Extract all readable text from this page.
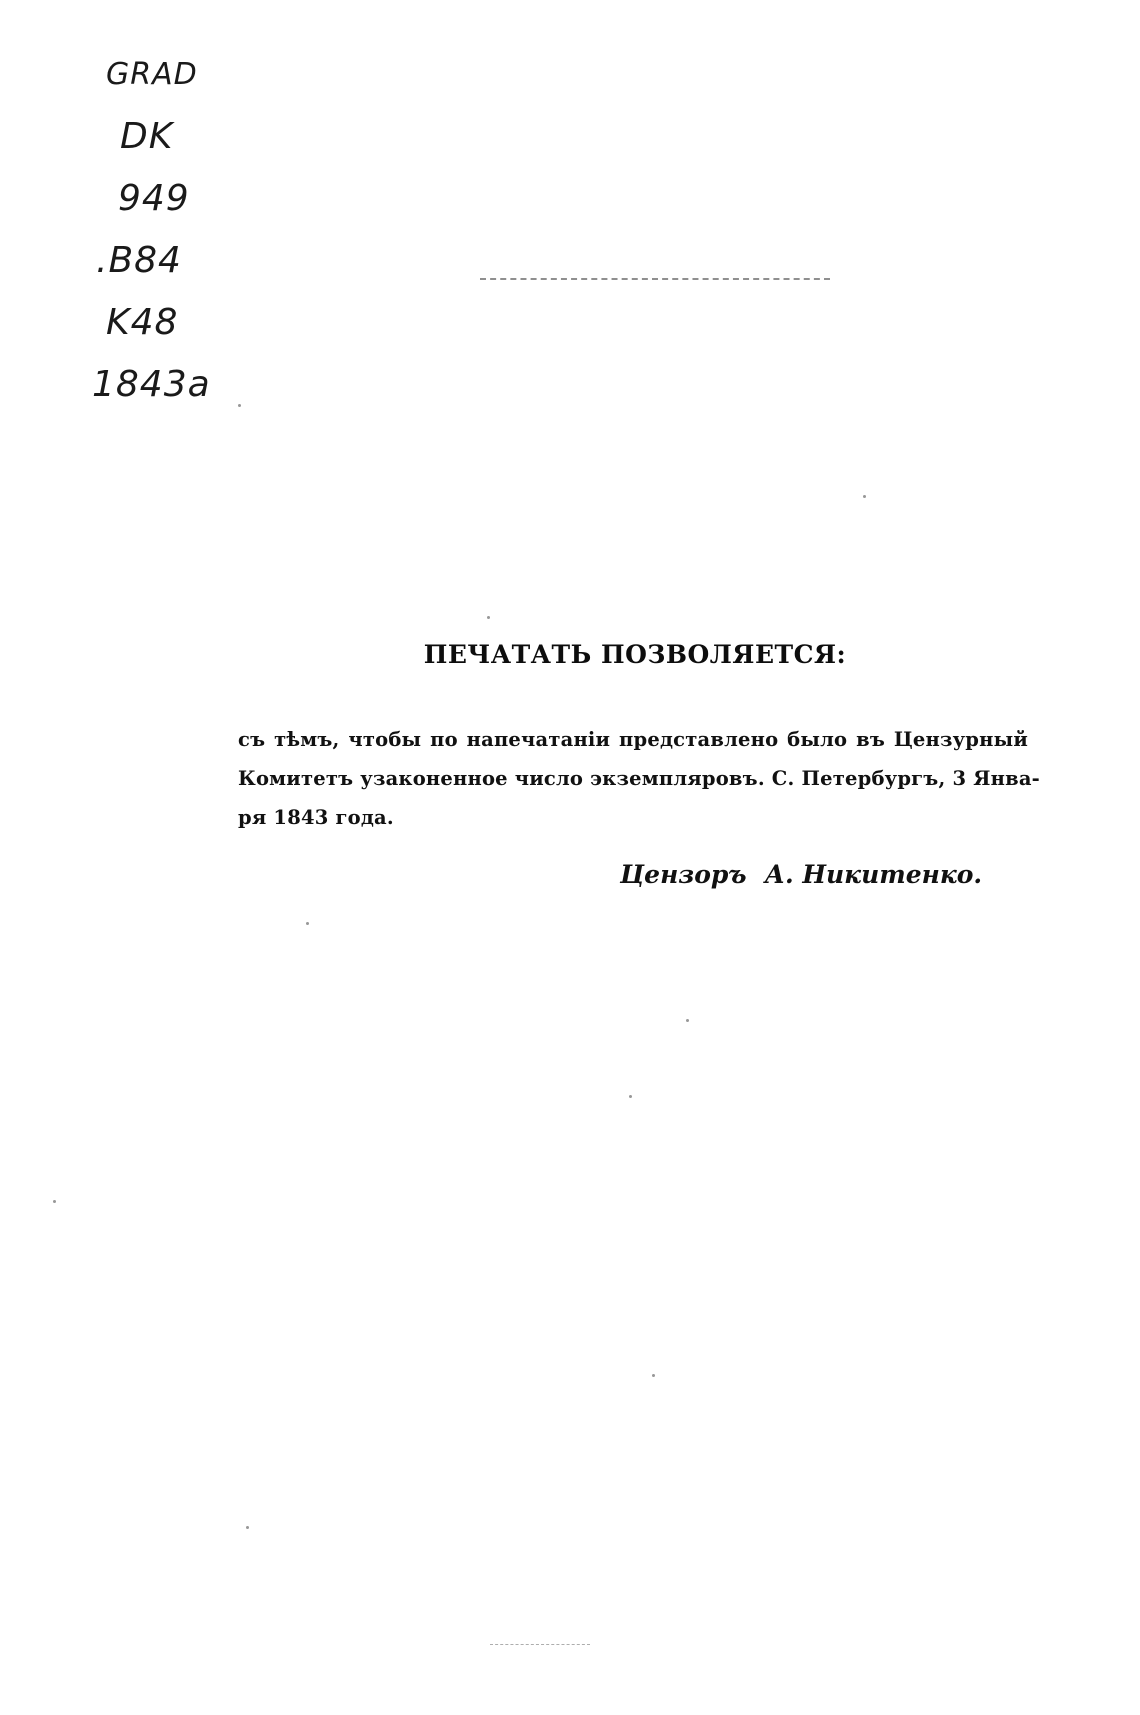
GRAD
DK
949
.B84
K48
1843a
ПЕЧАТАТЬ ПОЗВОЛЯЕТСЯ:
съ тѣмъ, чтобы по напечатаніи представлено было въ Цензурный
Комитетъ узаконенное число экземпляровъ. С. Петербургъ, 3 Янва-
ря 1843 года.
Цензоръ А. Никитенко.
